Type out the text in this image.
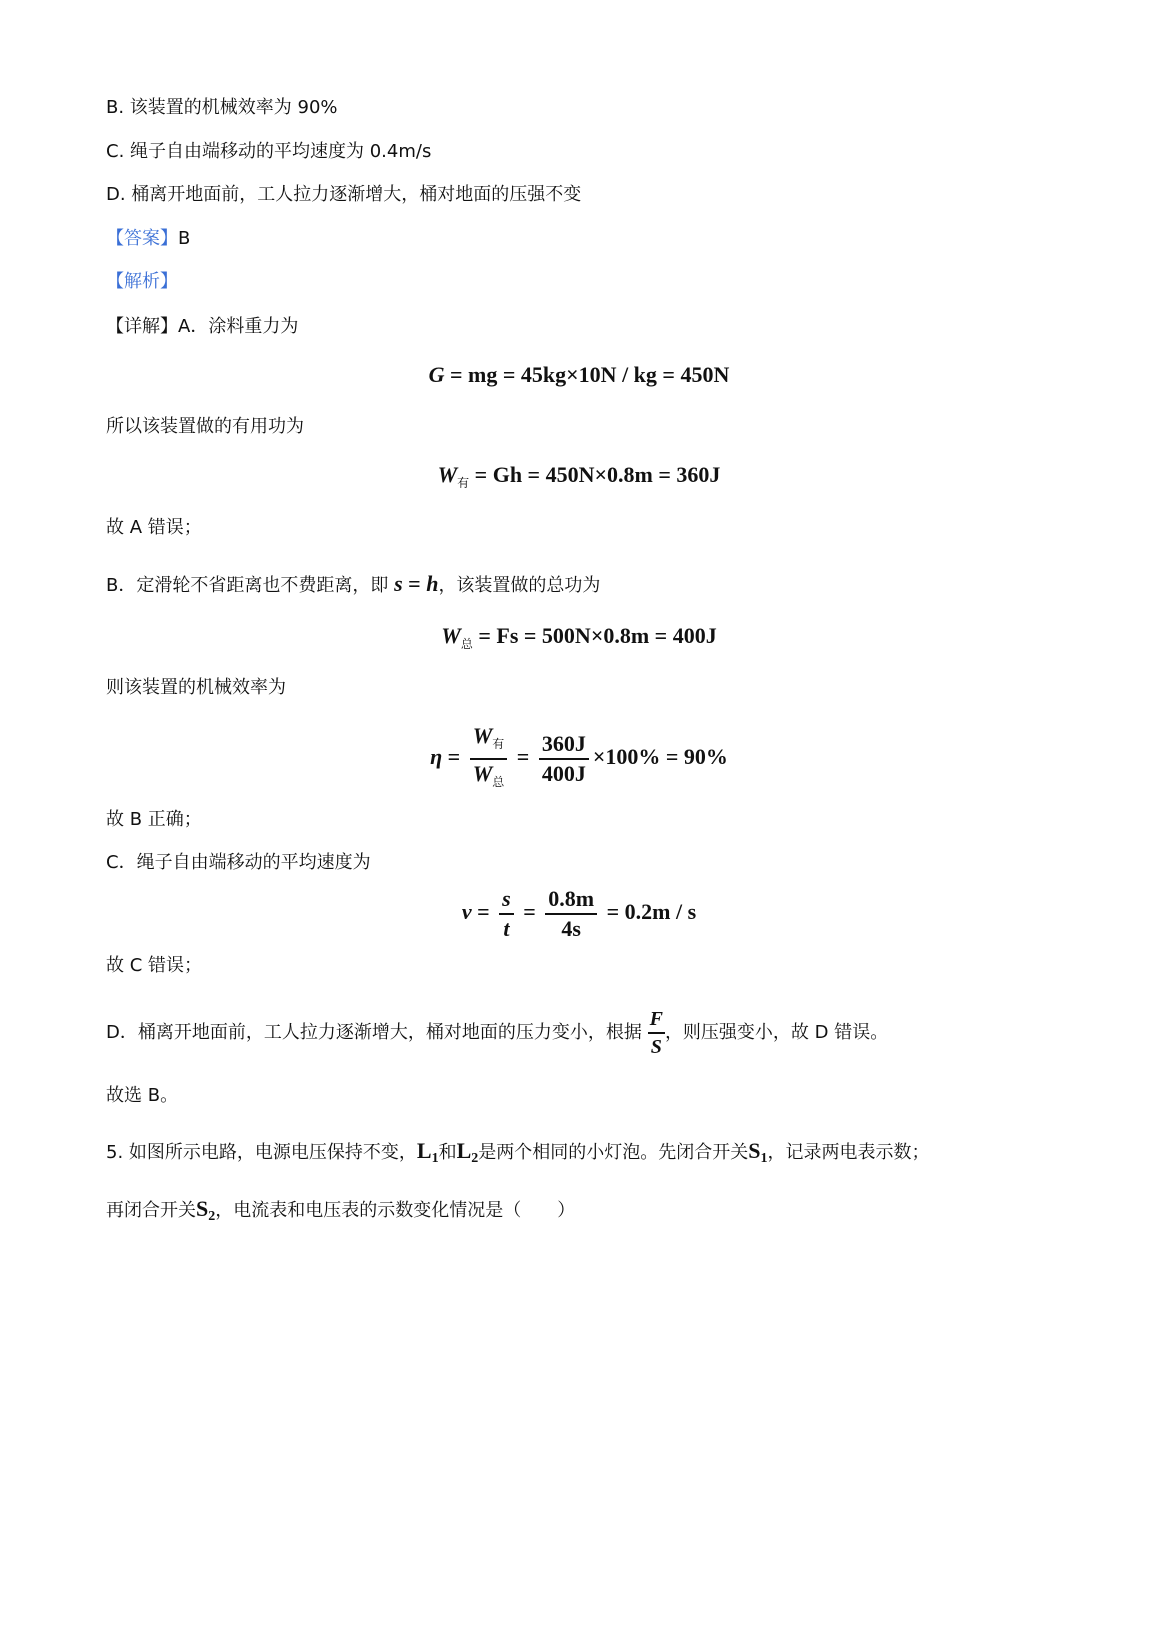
B. 该装置的机械效率为 90%
C. 绳子自由端移动的平均速度为 0.4m/s
D. 桶离开地面前，工人拉力逐渐增大，桶对地面的压强不变
【答案】B
【解析】
【详解】A．涂料重力为
G = mg = 45kg×10N / kg = 450N
所以该装置做的有用功为
$W_有 = Gh = 450N\times 0.8m = 360J$
故 A 错误；
B．定滑轮不省距离也不费距离，即 s = h，该装置做的总功为
$W_总 = Fs = 500N\times 0.8m = 400J$
则该装置的机械效率为
$\eta = \frac{W_有}{W_总} = \frac{360J}{400J} \times 100\% = 90\%$
故 B 正确；
C．绳子自由端移动的平均速度为
$v = \frac{s}{t} = \frac{0.8m}{4s} = 0.2m / s$
故 C 错误；
D．桶离开地面前，工人拉力逐渐增大，桶对地面的压力变小，根据 $\frac{F}{S}$ ，则压强变小，故 D 错误。
故选 B。
5. 如图所示电路，电源电压保持不变，L1和L2是两个相同的小灯泡。先闭合开关S1，记录两电表示数；
再闭合开关S2，电流表和电压表的示数变化情况是（　　）
